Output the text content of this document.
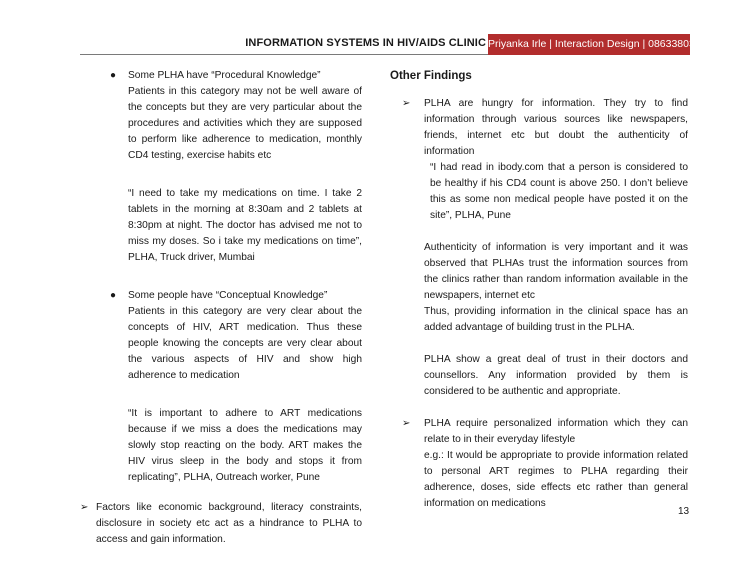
INFORMATION SYSTEMS IN HIV/AIDS CLINIC Priyanka Irle | Interaction Design | 08633803
● Some PLHA have “Procedural Knowledge”

Patients in this category may not be well aware of the concepts but they are very particular about the procedures and activities which they are supposed to perform like adherence to medication, monthly CD4 testing, exercise habits etc

“I need to take my medications on time. I take 2 tablets in the morning at 8:30am and 2 tablets at 8:30pm at night. The doctor has advised me not to miss my doses. So i take my medications on time”, PLHA, Truck driver, Mumbai

● Some people have “Conceptual Knowledge”

Patients in this category are very clear about the concepts of HIV, ART medication. Thus these people knowing the concepts are very clear about the various aspects of HIV and show high adherence to medication

“It is important to adhere to ART medications because if we miss a does the medications may slowly stop reacting on the body. ART makes the HIV virus sleep in the body and stops it from replicating”, PLHA, Outreach worker, Pune

➢ Factors like economic background, literacy constraints, disclosure in society etc act as a hindrance to PLHA to access and gain information.

Other Findings
➢ PLHA are hungry for information. They try to find information through various sources like newspapers, friends, internet etc but doubt the authenticity of information

“I had read in ibody.com that a person is considered to be healthy if his CD4 count is above 250. I don’t believe this as some non medical people have posted it on the site”, PLHA, Pune

Authenticity of information is very important and it was observed that PLHAs trust the information sources from the clinics rather than random information available in the newspapers, internet etc

Thus, providing information in the clinical space has an added advantage of building trust in the PLHA.

PLHA show a great deal of trust in their doctors and counsellors. Any information provided by them is considered to be authentic and appropriate.

➢ PLHA require personalized information which they can relate to in their everyday lifestyle

e.g.: It would be appropriate to provide information related to personal ART regimes to PLHA regarding their adherence, doses, side effects etc rather than general information on medications

13
